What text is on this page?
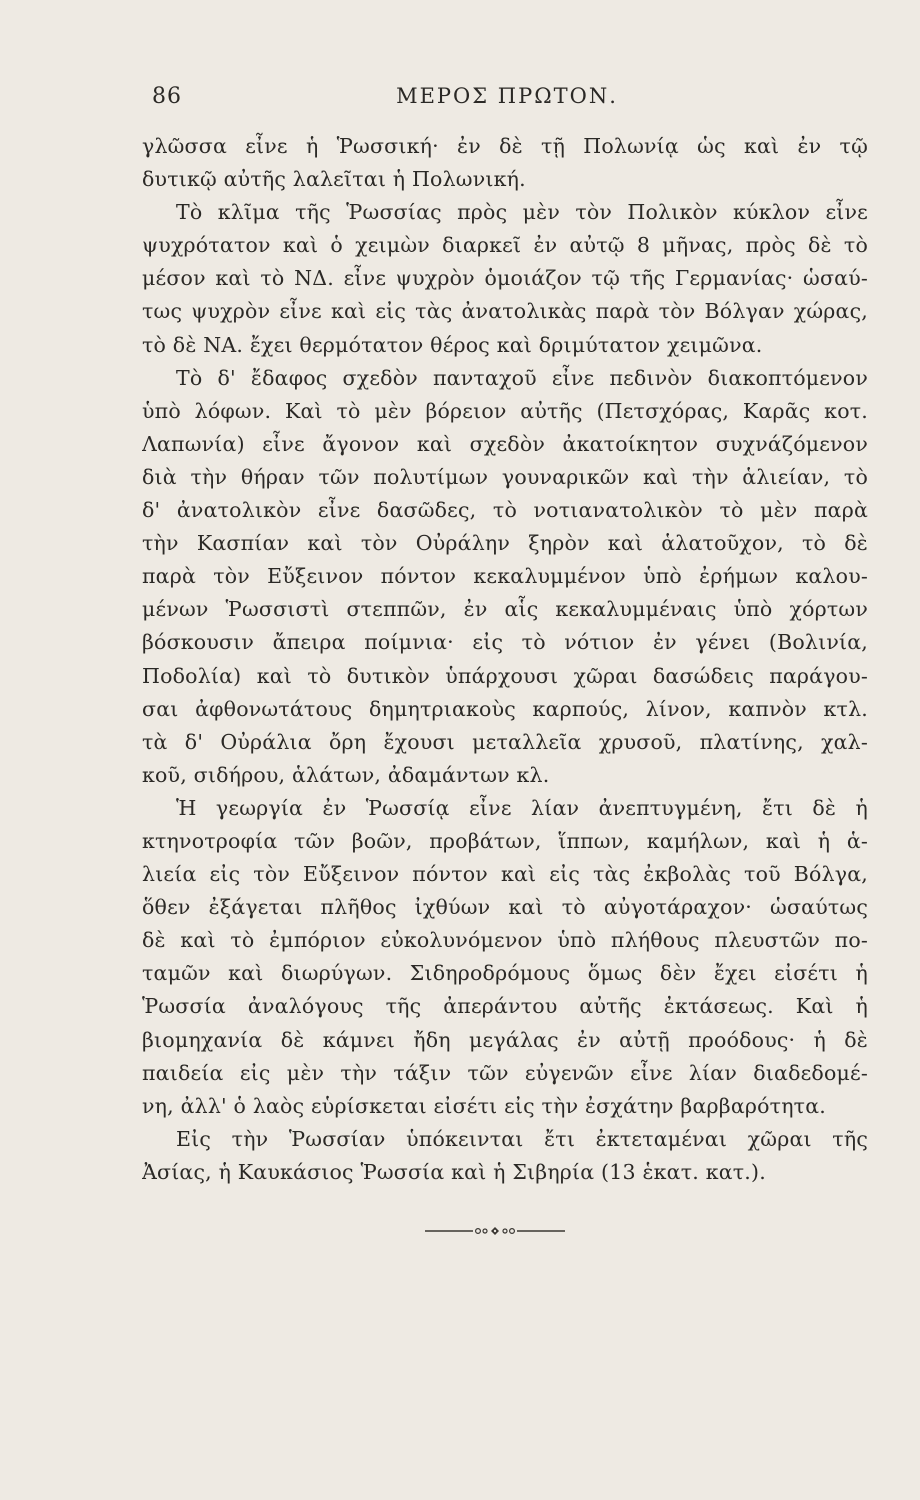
86	ΜΕΡΟΣ ΠΡΩΤΟΝ.
γλῶσσα εἶνε ἡ Ῥωσσική· ἐν δὲ τῇ Πολωνίᾳ ὡς καὶ ἐν τῷ
δυτικῷ αὐτῆς λαλεῖται ἡ Πολωνική.
Τὸ κλῖμα τῆς Ῥωσσίας πρὸς μὲν τὸν Πολικὸν κύκλον εἶνε
ψυχρότατον καὶ ὁ χειμὼν διαρκεῖ ἐν αὐτῷ 8 μῆνας, πρὸς δὲ τὸ
μέσον καὶ τὸ ΝΔ. εἶνε ψυχρὸν ὁμοιάζον τῷ τῆς Γερμανίας· ὡσαύ-
τως ψυχρὸν εἶνε καὶ εἰς τὰς ἀνατολικὰς παρὰ τὸν Βόλγαν χώρας,
τὸ δὲ ΝΑ. ἔχει θερμότατον θέρος καὶ δριμύτατον χειμῶνα.
Τὸ δ' ἔδαφος σχεδὸν πανταχοῦ εἶνε πεδινὸν διακοπτόμενον
ὑπὸ λόφων. Καὶ τὸ μὲν βόρειον αὐτῆς (Πετσχόρας, Καρᾶς κοτ.
Λαπωνία) εἶνε ἄγονον καὶ σχεδὸν ἀκατοίκητον συχνάζόμενον
διὰ τὴν θήραν τῶν πολυτίμων γουναρικῶν καὶ τὴν ἁλιείαν, τὸ
δ' ἀνατολικὸν εἶνε δασῶδες, τὸ νοτιανατολικὸν τὸ μὲν παρὰ
τὴν Κασπίαν καὶ τὸν Οὐράλην ξηρὸν καὶ ἁλατοῦχον, τὸ δὲ
παρὰ τὸν Εὔξεινον πόντον κεκαλυμμένον ὑπὸ ἐρήμων καλου-
μένων Ῥωσσιστὶ στεππῶν, ἐν αἷς κεκαλυμμέναις ὑπὸ χόρτων
βόσκουσιν ἄπειρα ποίμνια· εἰς τὸ νότιον ἐν γένει (Βολινία,
Ποδολία) καὶ τὸ δυτικὸν ὑπάρχουσι χῶραι δασώδεις παράγου-
σαι ἀφθονωτάτους δημητριακοὺς καρπούς, λίνον, καπνὸν κτλ.
τὰ δ' Οὐράλια ὄρη ἔχουσι μεταλλεῖα χρυσοῦ, πλατίνης, χαλ-
κοῦ, σιδήρου, ἁλάτων, ἀδαμάντων κλ.
Ἡ γεωργία ἐν Ῥωσσίᾳ εἶνε λίαν ἀνεπτυγμένη, ἔτι δὲ ἡ
κτηνοτροφία τῶν βοῶν, προβάτων, ἵππων, καμήλων, καὶ ἡ ἁ-
λιεία εἰς τὸν Εὔξεινον πόντον καὶ εἰς τὰς ἐκβολὰς τοῦ Βόλγα,
ὅθεν ἐξάγεται πλῆθος ἰχθύων καὶ τὸ αὐγοτάραχον· ὡσαύτως
δὲ καὶ τὸ ἐμπόριον εὐκολυνόμενον ὑπὸ πλήθους πλευστῶν πο-
ταμῶν καὶ διωρύγων. Σιδηροδρόμους ὅμως δὲν ἔχει εἰσέτι ἡ
Ῥωσσία ἀναλόγους τῆς ἀπεράντου αὐτῆς ἐκτάσεως. Καὶ ἡ
βιομηχανία δὲ κάμνει ἤδη μεγάλας ἐν αὐτῇ προόδους· ἡ δὲ
παιδεία εἰς μὲν τὴν τάξιν τῶν εὐγενῶν εἶνε λίαν διαδεδομέ-
νη, ἀλλ' ὁ λαὸς εὑρίσκεται εἰσέτι εἰς τὴν ἐσχάτην βαρβαρότητα.
Εἰς τὴν Ῥωσσίαν ὑπόκεινται ἔτι ἐκτεταμέναι χῶραι τῆς
Ἀσίας, ἡ Καυκάσιος Ῥωσσία καὶ ἡ Σιβηρία (13 ἑκατ. κατ.).
